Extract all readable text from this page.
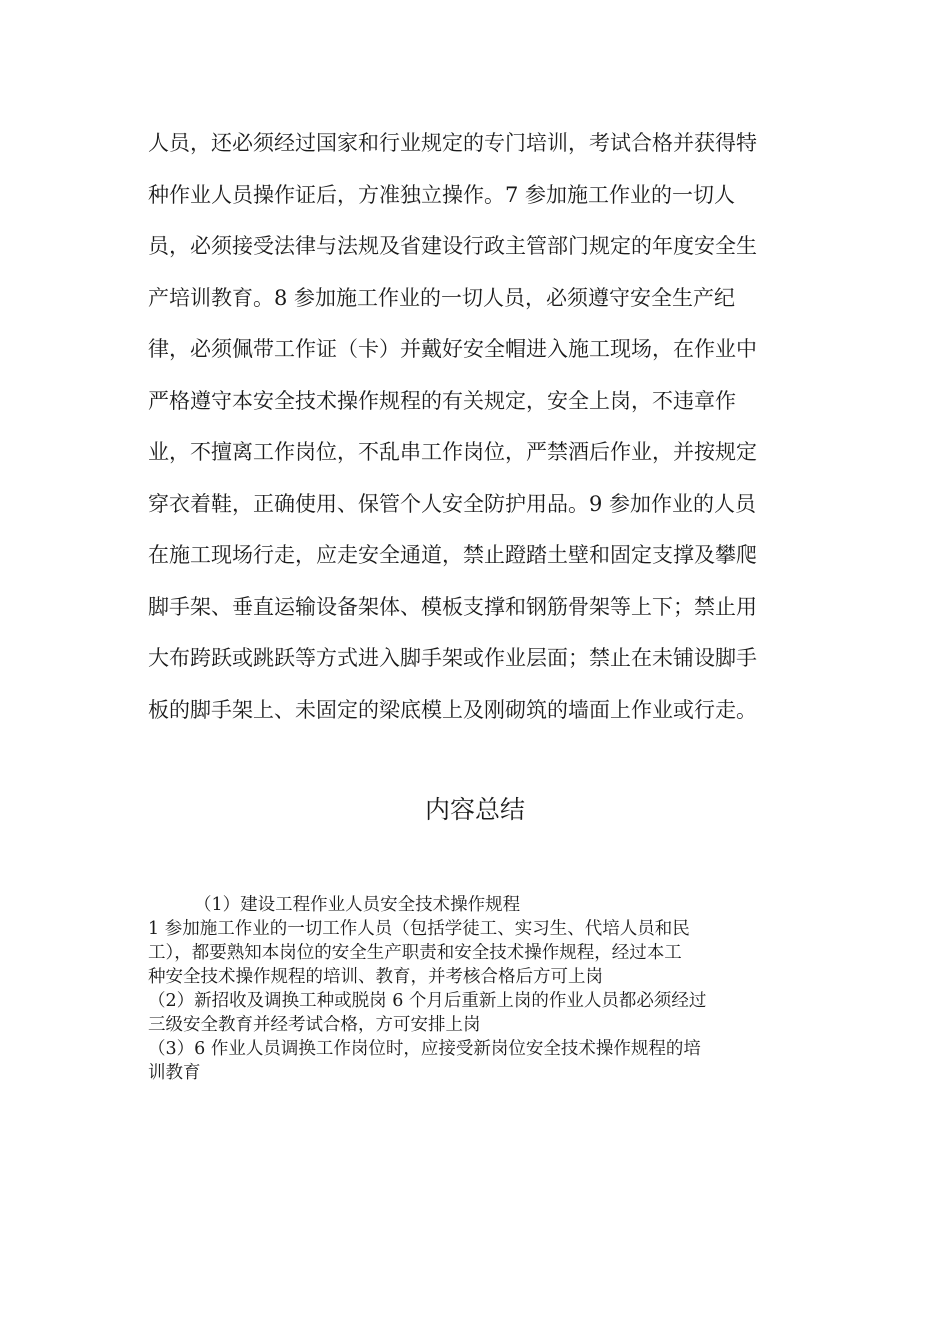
人员，还必须经过国家和行业规定的专门培训，考试合格并获得特
种作业人员操作证后，方准独立操作。7 参加施工作业的一切人
员，必须接受法律与法规及省建设行政主管部门规定的年度安全生
产培训教育。8 参加施工作业的一切人员，必须遵守安全生产纪
律，必须佩带工作证（卡）并戴好安全帽进入施工现场，在作业中
严格遵守本安全技术操作规程的有关规定，安全上岗，不违章作
业，不擅离工作岗位，不乱串工作岗位，严禁酒后作业，并按规定
穿衣着鞋，正确使用、保管个人安全防护用品。9 参加作业的人员
在施工现场行走，应走安全通道，禁止蹬踏土壁和固定支撑及攀爬
脚手架、垂直运输设备架体、模板支撑和钢筋骨架等上下；禁止用
大布跨跃或跳跃等方式进入脚手架或作业层面；禁止在未铺设脚手
板的脚手架上、未固定的梁底模上及刚砌筑的墙面上作业或行走。
内容总结
（1）建设工程作业人员安全技术操作规程
1 参加施工作业的一切工作人员（包括学徒工、实习生、代培人员和民
工），都要熟知本岗位的安全生产职责和安全技术操作规程，经过本工
种安全技术操作规程的培训、教育，并考核合格后方可上岗
（2）新招收及调换工种或脱岗 6 个月后重新上岗的作业人员都必须经过
三级安全教育并经考试合格，方可安排上岗
（3）6 作业人员调换工作岗位时，应接受新岗位安全技术操作规程的培
训教育
